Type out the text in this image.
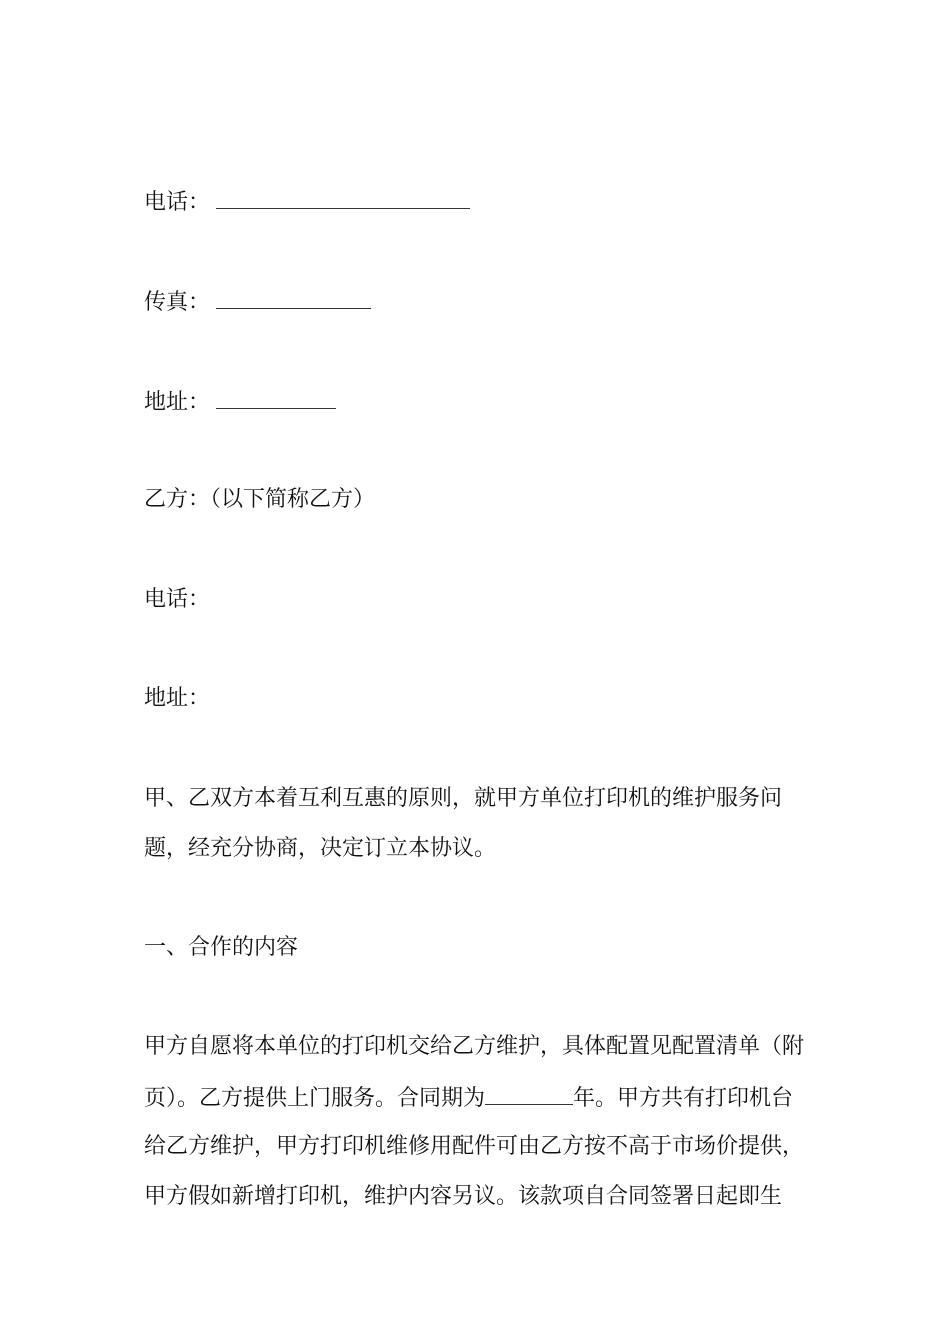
电话：
传真：
地址：
乙方：（以下简称乙方）
电话：
地址：
甲、乙双方本着互利互惠的原则，就甲方单位打印机的维护服务问
题，经充分协商，决定订立本协议。
一、合作的内容
甲方自愿将本单位的打印机交给乙方维护，具体配置见配置清单（附
页）。乙方提供上门服务。合同期为	年。甲方共有打印机台
给乙方维护，甲方打印机维修用配件可由乙方按不高于市场价提供，
甲方假如新增打印机，维护内容另议。该款项自合同签署日起即生
